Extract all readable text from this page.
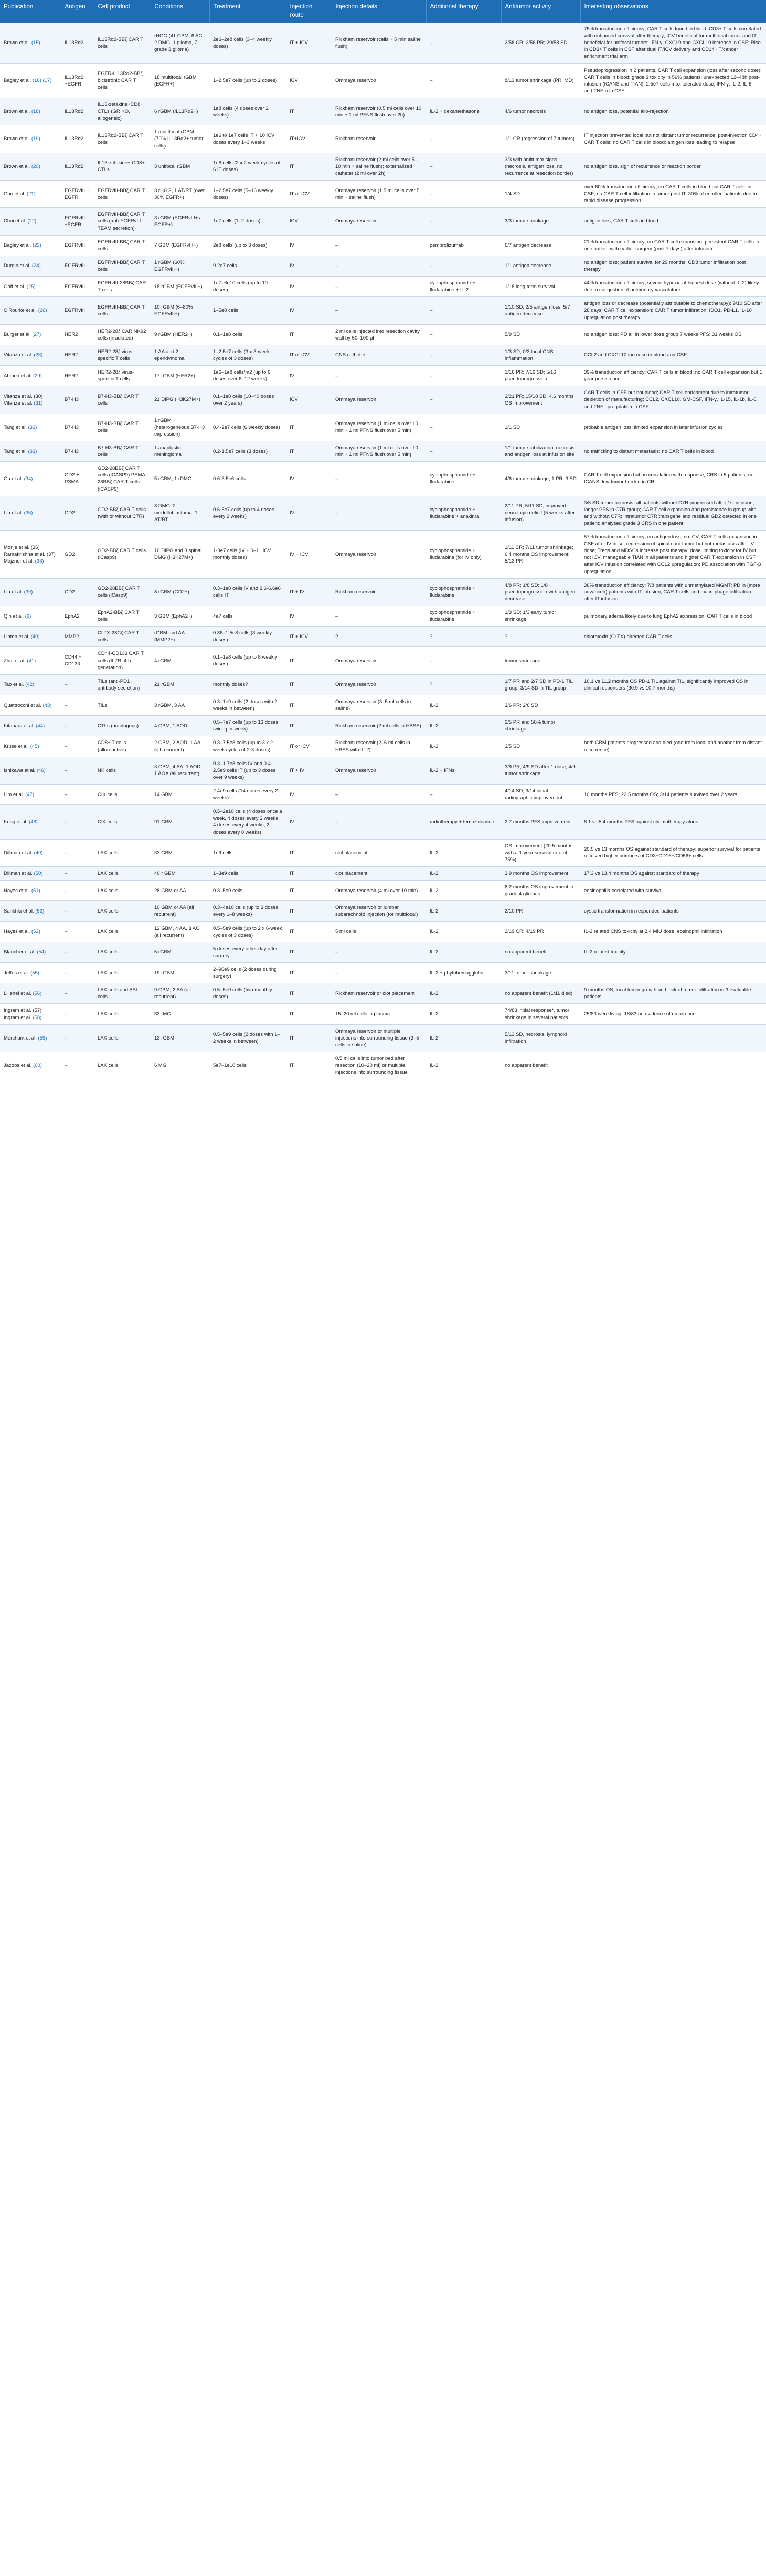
Publication	Antigen	Cell product	Conditions	Treatment	Injection route	Injection details	Additional therapy	Antitumor activity	Interesting observations
Brown et al. (15)	IL13Rα2	IL13Rα2-BBζ CAR T cells	rHGG (41 GBM, 6 AC, 2 DMG, 1 glioma, 7 grade 3 glioma)	2e6–2e8 cells (3–4 weekly doses)	IT + ICV	Rickham reservoir (cells + 5 min saline flush)	–	2/58 CR; 2/58 PR; 29/58 SD	75% transduction efficiency; CAR T cells found in blood; CD3+ T cells correlated with enhanced survival after therapy; ICV beneficial for multifocal tumor and IT beneficial for unifocal tumors; IFN-γ, CXCL9 and CXCL10 increase in CSF; Rise in CD3+ T cells in CSF after dual IT/ICV delivery and CD14+ T/cancer enrichment trial arm
Bagley et al. (16) (17)	IL13Rα2 +EGFR	EGFR-IL13Rα2-BBζ bicistronic CAR T cells	18 multifocal rGBM (EGFR+)	1–2.5e7 cells (up to 2 doses)	ICV	Ommaya reservoir	–	8/13 tumor shrinkage (PR, MD)	Pseudoprogression in 2 patients, CAR T cell expansion (loss after second dose); CAR T cells in blood; grade 3 toxicity in 56% patients; unexpected 12–48h post-infusion (ICANS and TIAN); 2.5e7 cells max tolerated dose; IFN-γ, IL-2, IL-6, and TNF-α in CSF
Brown et al. (18)	IL13Rα2	IL13-zetakine+CD8+ CTLs (GR KO, allogeneic)	6 rGBM (IL13Rα2+)	1e8 cells (4 doses over 2 weeks)	IT	Rickham reservoir (0.5 ml cells over 10 min + 1 ml PFNS flush over 2h)	IL-2 + dexamethasone	4/6 tumor necrosis	no antigen loss, potential allo-rejection
Brown et al. (19)	IL13Rα2	IL13Rα2-BBζ CAR T cells	1 multifocal rGBM (70% IL13Rα2+ tumor cells)	1e6 to 1e7 cells IT + 10 ICV doses every 1–3 weeks	IT+ICV	Rickham reservoir	–	1/1 CR (regression of 7 tumors)	IT injection prevented local but not distant tumor recurrence; post-injection CD4+ CAR T cells; no CAR T cells in blood; antigen loss leading to relapse
Brown et al. (20)	IL13Rα2	IL13-zetakine+ CD8+ CTLs	3 unifocal rGBM	1e8 cells (2 x 2 week cycles of 6 IT doses)	IT	Rickham reservoir (2 ml cells over 5–10 min + saline flush); externalized catheter (2 ml over 2h)	–	3/3 with antitumor signs (necrosis, antigen loss, no recurrence at resection border)	no antigen loss, sign of recurrence or reaction border
Guo et al. (21)	EGFRvIII + EGFR	EGFRvIII-BBζ CAR T cells	3 rHGG, 1 AT/RT (over 30% EGFR+)	1–2.5e7 cells (5–16 weekly doses)	IT or ICV	Ommaya reservoir (1.5 ml cells over 5 min + saline flush)	–	1/4 SD	over 60% transduction efficiency; no CAR T cells in blood but CAR T cells in CSF; no CAR T cell infiltration in tumor post IT; 30% of enrolled patients due to rapid disease progression
Choi et al. (22)	EGFRvIII +EGFR	EGFRvIII-BBζ CAR T cells (anti-EGFRvIII TEAM secretion)	3 rGBM (EGFRvIII+ / EGFR+)	1e7 cells (1–2 doses)	ICV	Ommaya reservoir	–	3/3 tumor shrinkage	antigen loss; CAR T cells in blood
Bagley et al. (23)	EGFRvIII	EGFRvIII-BBζ CAR T cells	7 GBM (EGFRvIII+)	2e8 cells (up to 3 doses)	IV	–	pembrolizumab	6/7 antigen decrease	21% transduction efficiency; no CAR T cell expansion; persistent CAR T cells in one patient with earlier surgery (post 7 days) after infusion
Durgin et al. (24)	EGFRvIII	EGFRvIII-BBζ CAR T cells	1 rGBM (60% EGFRvIII+)	9.2e7 cells	IV	–	–	1/1 antigen decrease	no antigen loss; patient survival for 29 months; CD3 tumor infiltration post therapy
Goff et al. (25)	EGFRvIII	EGFRvIII-28BBζ CAR T cells	18 rGBM (EGFRvIII+)	1e7–6e10 cells (up to 10 doses)	IV	–	cyclophosphamide + fludarabine + IL-2	1/18 long term survival	44% transduction efficiency; severe hypoxia at highest dose (without IL-2) likely due to congestion of pulmonary vasculature
O'Rourke et al. (26)	EGFRvIII	EGFRvIII-BBζ CAR T cells	10 rGBM (6–80% EGFRvIII+)	1–5e8 cells	IV	–	–	1/10 SD; 2/5 antigen loss; 5/7 antigen decrease	antigen loss or decrease (potentially attributable to chemotherapy); 9/10 SD after 28 days; CAR T cell expansion; CAR T tumor infiltration; IDO1, PD-L1, IL-10 upregulation post therapy
Burger et al. (27)	HER2	HER2-28ζ CAR NK92 cells (irradiated)	9 rGBM (HER2+)	0.1–1e8 cells	IT	2 ml cells injected into resection cavity wall by 50–100 μl	–	5/9 SD	no antigen loss; PD all in lower dose group 7 weeks PFS; 31 weeks OS
Vitanza et al. (28)	HER2	HER2-28ζ virus-specific T cells	1 AA and 2 ependymoma	1–2.5e7 cells (3 x 3-week cycles of 3 doses)	IT or ICV	CNS catheter	–	1/3 SD; 0/3 local CNS inflammation	CCL2 and CXCL10 increase in blood and CSF
Ahmed et al. (29)	HER2	HER2-28ζ virus-specific T cells	17 rGBM (HER2+)	1e6–1e8 cells/m2 (up to 6 doses over 6–12 weeks)	IV	–	–	1/16 PR; 7/16 SD; 5/16 pseudoprogression	39% transduction efficiency; CAR T cells in blood; no CAR T cell expansion but 1 year persistence
Vitanza et al. (30) Vitanza et al. (31)	B7-H3	B7-H3-BBζ CAR T cells	21 DIPG (H3K27M+)	0.1–1e8 cells (10–40 doses over 2 years)	ICV	Ommaya reservoir	–	3/21 PR; 15/18 SD; 4.6 months OS improvement	CAR T cells in CSF but not blood; CAR T cell enrichment due to intratumor depletion of manufacturing; CCL2, CXCL10, GM-CSF, IFN-γ, IL-15, IL-1b, IL-6, and TNF upregulation in CSF
Tang et al. (32)	B7-H3	B7-H3-BBζ CAR T cells	1 rGBM (heterogeneous B7-H3 expression)	0.4-2e7 cells (6 weekly doses)	IT	Ommaya reservoir (1 ml cells over 10 min + 1 ml PFNS flush over 5 min)	–	1/1 SD	probable antigen loss; limited expansion in later infusion cycles
Tang et al. (33)	B7-H3	B7-H3-BBζ CAR T cells	1 anaplastic meningioma	0.2-1.5e7 cells (3 doses)	IT	Ommaya reservoir (1 ml cells over 10 min + 1 ml PFNS flush over 5 min)	–	1/1 tumor stabilization, necrosis and antigen loss at infusion site	no trafficking to distant metastasis; no CAR T cells in blood
Gu et al. (34)	GD2 + PSMA	GD2-28BBζ CAR T cells (iCASP9) PSMA-28BBζ CAR T cells (iCASP9)	5 rGBM, 1 rDMG	0.6-3.5e6 cells	IV	–	cyclophosphamide + fludarabine	4/6 tumor shrinkage; 1 PR; 3 SD	CAR T cell expansion but no correlation with response; CRS in 5 patients; no ICANS; low tumor burden in CR
Liu et al. (35)	GD2	GD2-BBζ CAR T cells (with or without C7R)	8 DMG, 2 medulloblastoma, 1 AT/RT	0.6-5e7 cells (up to 4 doses every 2 weeks)	IV	–	cyclophosphamide + fludarabine + anakinra	2/11 PR; 5/11 SD; improved neurologic deficit (5 weeks after infusion)	3/5 SD tumor necrosis, all patients without C7R progressed after 1st infusion; longer PFS in C7R group; CAR T cell expansion and persistence in group with and without C7R; intratumor C7R transgene and residual GD2 detected in one patient; analysed grade 3 CRS in one patient
Monje et al. (36) Ramakrishna et al. (37) Majzner et al. (38)	GD2	GD2-BBζ CAR T cells (iCasp9)	10 DIPG and 3 spinal DMG (H3K27M+)	1-3e7 cells (IV + 0–11 ICV monthly doses)	IV + ICV	Ommaya reservoir	cyclophosphamide + fludarabine (for IV only)	1/11 CR; 7/11 tumor shrinkage; 6.4 months OS improvement; 5/13 PR	57% transduction efficiency; no antigen loss, no ICV; CAR T cells expansion in CSF after IV dose; regression of spinal cord tumor but not metastasis after IV dose; Tregs and MDSCs increase post therapy; dose limiting toxicity for IV but not ICV; manageable TIAN in all patients and higher CAR T expansion in CSF after ICV infusion correlated with CCL2 upregulation; PD association with TGF-β upregulation
Liu et al. (39)	GD2	GD2-28BBζ CAR T cells (iCasp9)	8 rGBM (GD2+)	0.3–1e8 cells IV and 2.6-6.6e6 cells IT	IT + IV	Rickham reservoir	cyclophosphamide + fludarabine	4/8 PR; 1/8 SD; 1/8 pseudoprogression with antigen decrease	36% transduction efficiency; 7/8 patients with unmethylated MGMT; PD in (more advanced) patients with IT infusion; CAR T cells and macrophage infiltration after IT infusion
Qin et al. (9)	EphA2	EphA2-BBζ CAR T cells	3 GBM (EphA2+)	4e7 cells	IV	–	cyclophosphamide + fludarabine	1/3 SD; 1/3 early tumor shrinkage	pulmonary edema likely due to lung EphA2 expression; CAR T cells in blood
Lihten et al. (40)	MMP2	CLTX-28Cζ CAR T cells	rGBM and AA (MMP2+)	0.88–1.5e8 cells (3 weekly doses)	IT + ICV	?	?	?	chlorotoxin (CLTX)-directed CAR T cells
Zhai et al. (41)	CD44 + CD133	CD44-CD133 CAR T cells (IL7R, 4th generation)	4 rGBM	0.1–1e8 cells (up to 8 weekly doses)	IT	Ommaya reservoir	–	tumor shrinkage	
Tao et al. (42)	–	TILs (anti-PD1 antibody secretion)	21 rGBM	monthly doses?	IT	Ommaya reservoir	?	1/7 PR and 2/7 SD in PD-1 TIL group; 3/14 SD in TIL group	16.1 vs 11.2 months OS PD-1 TIL against TIL, significantly improved OS in clinical responders (30.9 vs 10.7 months)
Quattrocchi et al. (43)	–	TILs	3 rGBM, 3 AA	0.3–1e9 cells (2 doses with 2 weeks in between)	IT	Ommaya reservoir (3–5 ml cells in saline)	IL-2	3/6 PR; 2/6 SD	
Kitahara et al. (44)	–	CTLs (autologous)	4 GBM, 1 AOD	0.5–7e7 cells (up to 13 doses twice per week)	IT	Rickham reservoir (2 ml cells in HBSS)	IL-2	2/5 PR and 50% tumor shrinkage	
Kruse et al. (45)	–	CD8+ T cells (alloreactive)	2 GBM, 2 AOD, 1 AA (all recurrent)	0.3–7.5e8 cells (up to 3 x 2-week cycles of 2-3 doses)	IT or ICV	Rickham reservoir (2–6 ml cells in HBSS with IL-2)	IL-2	3/5 SD	both GBM patients progressed and died (one from local and another from distant recurrence)
Ishikawa et al. (46)	–	NK cells	3 GBM, 4 AA, 1 AOD, 1 AOA (all recurrent)	0.3–1.7e8 cells IV and 0.4-2.5e9 cells IT (up to 3 doses over 9 weeks)	IT + IV	Ommaya reservoir	IL-2 + IFNs	3/9 PR; 4/9 SD after 1 dose; 4/9 tumor shrinkage	
Lim et al. (47)	–	CIK cells	14 GBM	2.4e9 cells (14 doses every 2 weeks)	IV	–	–	4/14 SD; 3/14 initial radiographic improvement	10 months PFS; 22.5 months OS; 3/14 patients survived over 2 years
Kong et al. (48)	–	CIK cells	91 GBM	0.5–2e10 cells (4 doses once a week, 4 doses every 2 weeks, 4 doses every 4 weeks, 2 doses every 8 weeks)	IV	–	radiotherapy + temozolomide	2.7 months PFS improvement	8.1 vs 5.4 months PFS against chemotherapy alone
Dillman et al. (49)	–	LAK cells	33 GBM	1e9 cells	IT	clot placement	IL-2	OS improvement (20.5 months with a 1-year survival rate of 75%)	20.5 vs 13 months OS against standard of therapy; superior survival for patients received higher numbers of CD3+CD16+/CD56+ cells
Dillman et al. (50)	–	LAK cells	40 r GBM	1–3e9 cells	IT	clot placement	IL-2	3.9 months OS improvement	17.3 vs 13.4 months OS against standard of therapy
Hayes et al. (51)	–	LAK cells	28 GBM or AA	0.3–5e9 cells	IT	Ommaya reservoir (4 ml over 10 min)	IL-2	6.2 months OS improvement in grade 4 gliomas	eosinophilia correlated with survival
Sankhla et al. (52)	–	LAK cells	10 GBM or AA (all recurrent)	0.3–4e10 cells (up to 3 doses every 1–8 weeks)	IT	Ommaya reservoir or lumbar subarachnoid injection (for multifocal)	IL-2	2/10 PR	cystic transformation in responded patients
Hayes et al. (53)	–	LAK cells	12 GBM, 4 AA, 3 AO (all recurrent)	0.5–5e9 cells (up to 2 x 6-week cycles of 3 doses)	IT	5 ml cells	IL-2	2/19 CR; 4/19 PR	IL-2 related CNS toxicity at 2.4 MIU dose; eosinophil infiltration
Blancher et al. (54)	–	LAK cells	5 rGBM	5 doses every other day after surgery	IT	–	IL-2	no apparent benefit	IL-2 related toxicity
Jeffes et al. (55)	–	LAK cells	19 rGBM	2–96e9 cells (2 doses during surgery)	IT	–	IL-2 + phytohemagglutin	3/11 tumor shrinkage	
Lillehei et al. (56)	–	LAK cells and ASL cells	9 GBM, 2 AA (all recurrent)	0.5–5e9 cells (two monthly doses)	IT	Rickham reservoir or clot placement	IL-2	no apparent benefit (1/11 died)	9 months OS; local tumor growth and lack of tumor infiltration in 3 evaluable patients
Ingram et al. (57) Ingram et al. (58)	–	LAK cells	83 rMG		IT	15–20 ml cells in plasma	IL-2	74/83 initial response*, tumor shrinkage in several patients	25/83 were living; 18/83 no evidence of recurrence
Merchant et al. (59)	–	LAK cells	13 rGBM	0.5–5e9 cells (2 doses with 1–2 weeks in between)	IT	Ommaya reservoir or multiple injections into surrounding tissue (3–5 cells in saline)	IL-2	5/13 SD, necrosis, lymphoid infiltration	
Jacobs et al. (60)	–	LAK cells	6 MG	5e7–1e10 cells	IT	0.5 ml cells into tumor bed after resection (10–20 ml) or multiple injections into surrounding tissue	IL-2	no apparent benefit	
